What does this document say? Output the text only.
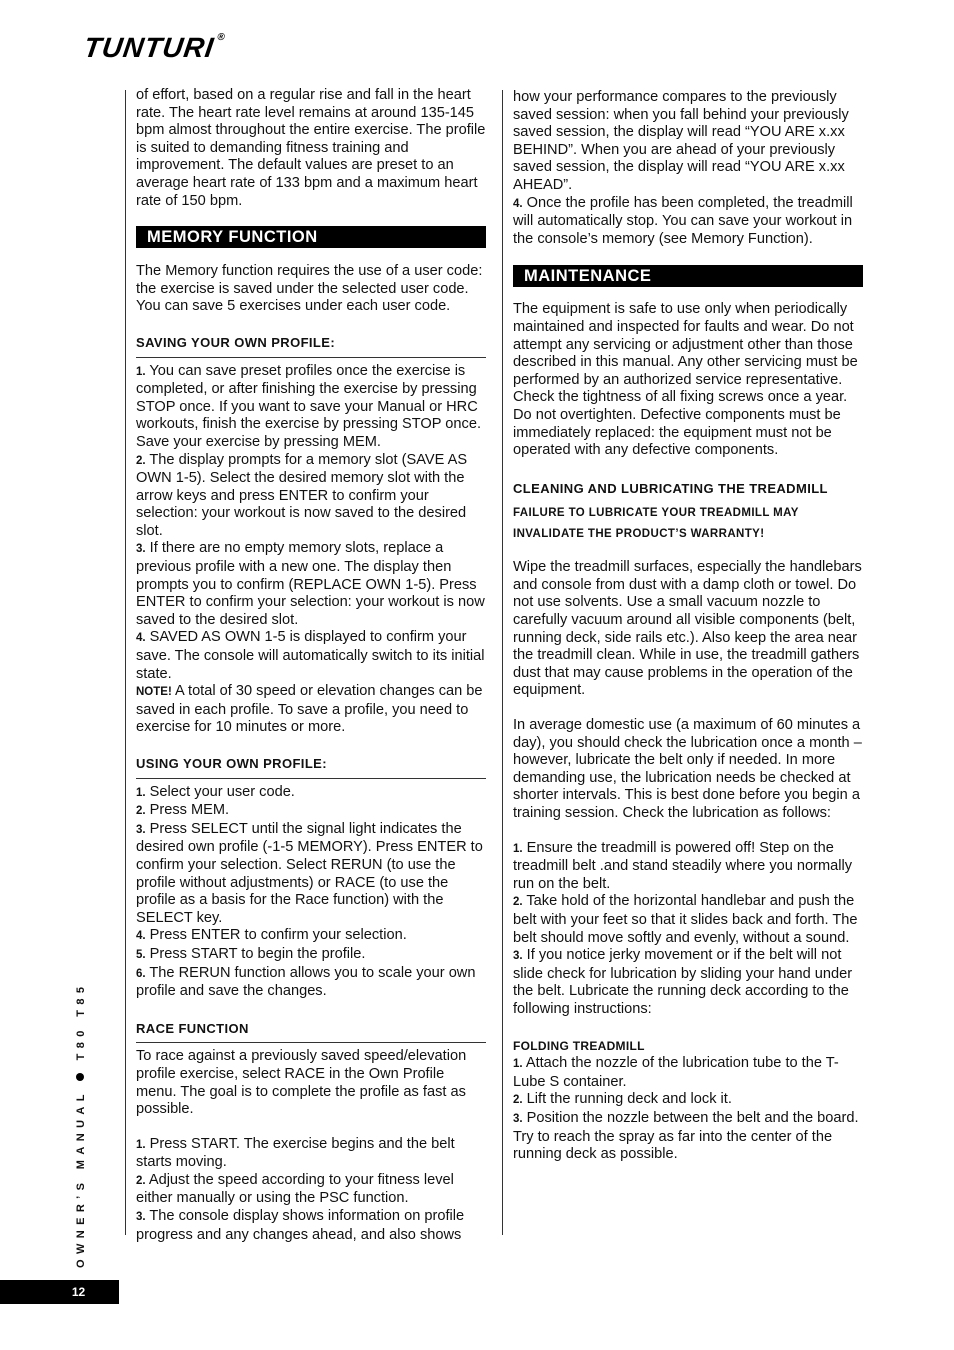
TUNTURI®

of effort, based on a regular rise and fall in the heart rate. The heart rate level remains at around 135-145 bpm almost throughout the entire exercise. The profile is suited to demanding fitness training and improvement. The default values are preset to an average heart rate of 133 bpm and a maximum heart rate of 150 bpm.

MEMORY FUNCTION

The Memory function requires the use of a user code: the exercise is saved under the selected user code. You can save 5 exercises under each user code.

SAVING YOUR OWN PROFILE:

1. You can save preset profiles once the exercise is completed, or after finishing the exercise by pressing STOP once. If you want to save your Manual or HRC workouts, finish the exercise by pressing STOP once. Save your exercise by pressing MEM.

2. The display prompts for a memory slot (SAVE AS OWN 1-5). Select the desired memory slot with the arrow keys and press ENTER to confirm your selection: your workout is now saved to the desired slot.

3. If there are no empty memory slots, replace a previous profile with a new one. The display then prompts you to confirm (REPLACE OWN 1-5). Press ENTER to confirm your selection: your workout is now saved to the desired slot.

4. SAVED AS OWN 1-5 is displayed to confirm your save. The console will automatically switch to its initial state.

NOTE! A total of 30 speed or elevation changes can be saved in each profile. To save a profile, you need to exercise for 10 minutes or more.

USING YOUR OWN PROFILE:

1. Select your user code.

2. Press MEM.

3. Press SELECT until the signal light indicates the desired own profile (-1-5 MEMORY). Press ENTER to confirm your selection. Select RERUN (to use the profile without adjustments) or RACE (to use the profile as a basis for the Race function) with the SELECT key.

4. Press ENTER to confirm your selection.

5. Press START to begin the profile.

6. The RERUN function allows you to scale your own profile and save the changes.

RACE FUNCTION

To race against a previously saved speed/elevation profile exercise, select RACE in the Own Profile menu. The goal is to complete the profile as fast as possible.

1. Press START. The exercise begins and the belt starts moving.

2. Adjust the speed according to your fitness level either manually or using the PSC function.

3. The console display shows information on profile progress and any changes ahead, and also shows

how your performance compares to the previously saved session: when you fall behind your previously saved session, the display will read “YOU ARE x.xx BEHIND”. When you are ahead of your previously saved session, the display will read “YOU ARE x.xx AHEAD”.

4. Once the profile has been completed, the treadmill will automatically stop. You can save your workout in the console’s memory (see Memory Function).

MAINTENANCE

The equipment is safe to use only when periodically maintained and inspected for faults and wear. Do not attempt any servicing or adjustment other than those described in this manual. Any other servicing must be performed by an authorized service representative. Check the tightness of all fixing screws once a year. Do not overtighten. Defective components must be immediately replaced: the equipment must not be operated with any defective components.

CLEANING AND LUBRICATING THE TREADMILL
FAILURE TO LUBRICATE YOUR TREADMILL MAY INVALIDATE THE PRODUCT’S WARRANTY!

Wipe the treadmill surfaces, especially the handlebars and console from dust with a damp cloth or towel. Do not use solvents. Use a small vacuum nozzle to carefully vacuum around all visible components (belt, running deck, side rails etc.). Also keep the area near the treadmill clean. While in use, the treadmill gathers dust that may cause problems in the operation of the equipment.

In average domestic use (a maximum of 60 minutes a day), you should check the lubrication once a month – however, lubricate the belt only if needed. In more demanding use, the lubrication needs be checked at shorter intervals. This is best done before you begin a training session. Check the lubrication as follows:

1. Ensure the treadmill is powered off! Step on the treadmill belt .and stand steadily where you normally run on the belt.

2. Take hold of the horizontal handlebar and push the belt with your feet so that it slides back and forth. The belt should move softly and evenly, without a sound.

3. If you notice jerky movement or if the belt will not slide check for lubrication by sliding your hand under the belt. Lubricate the running deck according to the following instructions:

FOLDING TREADMILL

1. Attach the nozzle of the lubrication tube to the T-Lube S container.

2. Lift the running deck and lock it.

3. Position the nozzle between the belt and the board. Try to reach the spray as far into the center of the running deck as possible.

OWNER’S MANUAL  T80 T85
12
